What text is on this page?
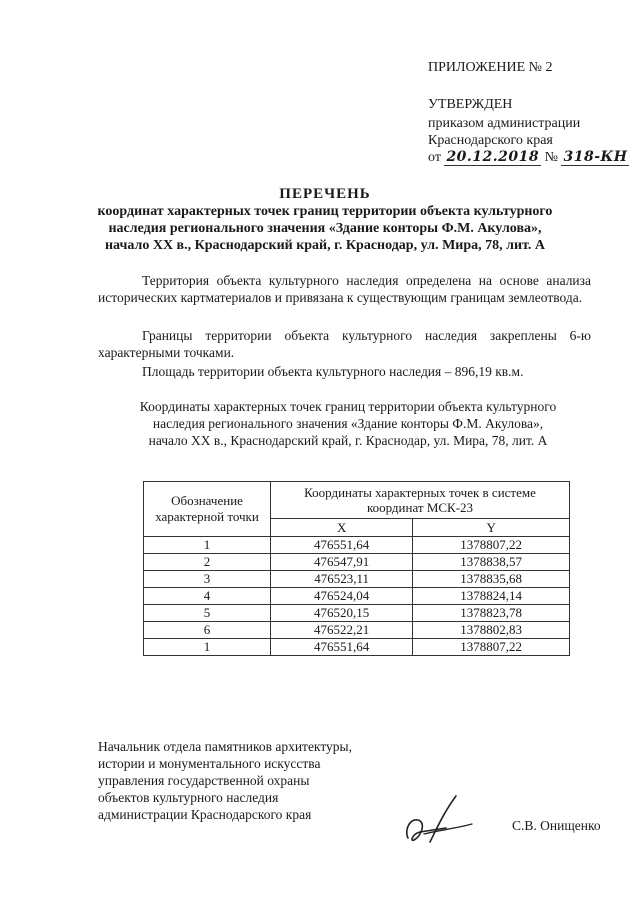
ПРИЛОЖЕНИЕ № 2
УТВЕРЖДЕН
приказом администрации
Краснодарского края
от 20.12.2018 № 318-КН
ПЕРЕЧЕНЬ
координат характерных точек границ территории объекта культурного
наследия регионального значения «Здание конторы Ф.М. Акулова»,
начало XX в., Краснодарский край, г. Краснодар, ул. Мира, 78, лит. А
Территория объекта культурного наследия определена на основе анализа исторических картматериалов и привязана к существующим границам землеотвода.
Границы территории объекта культурного наследия закреплены 6-ю характерными точками.
Площадь территории объекта культурного наследия – 896,19 кв.м.
Координаты характерных точек границ территории объекта культурного
наследия регионального значения «Здание конторы Ф.М. Акулова»,
начало XX в., Краснодарский край, г. Краснодар, ул. Мира, 78, лит. А
Обозначение характерной точки	Координаты характерных точек в системе координат МСК-23	
	X	Y
1	476551,64	1378807,22
2	476547,91	1378838,57
3	476523,11	1378835,68
4	476524,04	1378824,14
5	476520,15	1378823,78
6	476522,21	1378802,83
1	476551,64	1378807,22
Начальник отдела памятников архитектуры,
истории и монументального искусства
управления государственной охраны
объектов культурного наследия
администрации Краснодарского края
С.В. Онищенко
